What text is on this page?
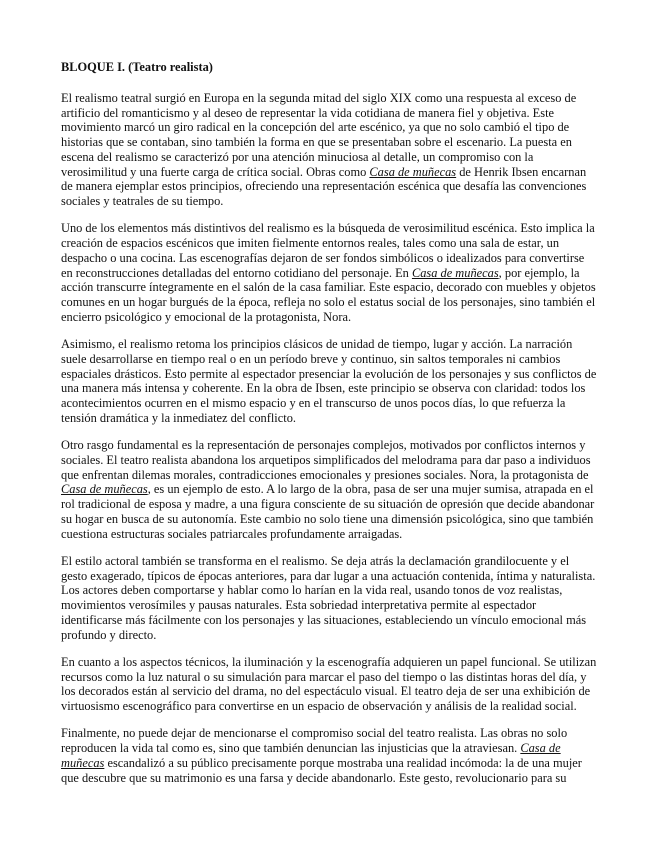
BLOQUE I. (Teatro realista)

El realismo teatral surgió en Europa en la segunda mitad del siglo XIX como una respuesta al exceso de artificio del romanticismo y al deseo de representar la vida cotidiana de manera fiel y objetiva. Este movimiento marcó un giro radical en la concepción del arte escénico, ya que no solo cambió el tipo de historias que se contaban, sino también la forma en que se presentaban sobre el escenario. La puesta en escena del realismo se caracterizó por una atención minuciosa al detalle, un compromiso con la verosimilitud y una fuerte carga de crítica social. Obras como Casa de muñecas de Henrik Ibsen encarnan de manera ejemplar estos principios, ofreciendo una representación escénica que desafía las convenciones sociales y teatrales de su tiempo.

Uno de los elementos más distintivos del realismo es la búsqueda de verosimilitud escénica. Esto implica la creación de espacios escénicos que imiten fielmente entornos reales, tales como una sala de estar, un despacho o una cocina. Las escenografías dejaron de ser fondos simbólicos o idealizados para convertirse en reconstrucciones detalladas del entorno cotidiano del personaje. En Casa de muñecas, por ejemplo, la acción transcurre íntegramente en el salón de la casa familiar. Este espacio, decorado con muebles y objetos comunes en un hogar burgués de la época, refleja no solo el estatus social de los personajes, sino también el encierro psicológico y emocional de la protagonista, Nora.

Asimismo, el realismo retoma los principios clásicos de unidad de tiempo, lugar y acción. La narración suele desarrollarse en tiempo real o en un período breve y continuo, sin saltos temporales ni cambios espaciales drásticos. Esto permite al espectador presenciar la evolución de los personajes y sus conflictos de una manera más intensa y coherente. En la obra de Ibsen, este principio se observa con claridad: todos los acontecimientos ocurren en el mismo espacio y en el transcurso de unos pocos días, lo que refuerza la tensión dramática y la inmediatez del conflicto.

Otro rasgo fundamental es la representación de personajes complejos, motivados por conflictos internos y sociales. El teatro realista abandona los arquetipos simplificados del melodrama para dar paso a individuos que enfrentan dilemas morales, contradicciones emocionales y presiones sociales. Nora, la protagonista de Casa de muñecas, es un ejemplo de esto. A lo largo de la obra, pasa de ser una mujer sumisa, atrapada en el rol tradicional de esposa y madre, a una figura consciente de su situación de opresión que decide abandonar su hogar en busca de su autonomía. Este cambio no solo tiene una dimensión psicológica, sino que también cuestiona estructuras sociales patriarcales profundamente arraigadas.

El estilo actoral también se transforma en el realismo. Se deja atrás la declamación grandilocuente y el gesto exagerado, típicos de épocas anteriores, para dar lugar a una actuación contenida, íntima y naturalista. Los actores deben comportarse y hablar como lo harían en la vida real, usando tonos de voz realistas, movimientos verosímiles y pausas naturales. Esta sobriedad interpretativa permite al espectador identificarse más fácilmente con los personajes y las situaciones, estableciendo un vínculo emocional más profundo y directo.

En cuanto a los aspectos técnicos, la iluminación y la escenografía adquieren un papel funcional. Se utilizan recursos como la luz natural o su simulación para marcar el paso del tiempo o las distintas horas del día, y los decorados están al servicio del drama, no del espectáculo visual. El teatro deja de ser una exhibición de virtuosismo escenográfico para convertirse en un espacio de observación y análisis de la realidad social.

Finalmente, no puede dejar de mencionarse el compromiso social del teatro realista. Las obras no solo reproducen la vida tal como es, sino que también denuncian las injusticias que la atraviesan. Casa de muñecas escandalizó a su público precisamente porque mostraba una realidad incómoda: la de una mujer que descubre que su matrimonio es una farsa y decide abandonarlo. Este gesto, revolucionario para su
